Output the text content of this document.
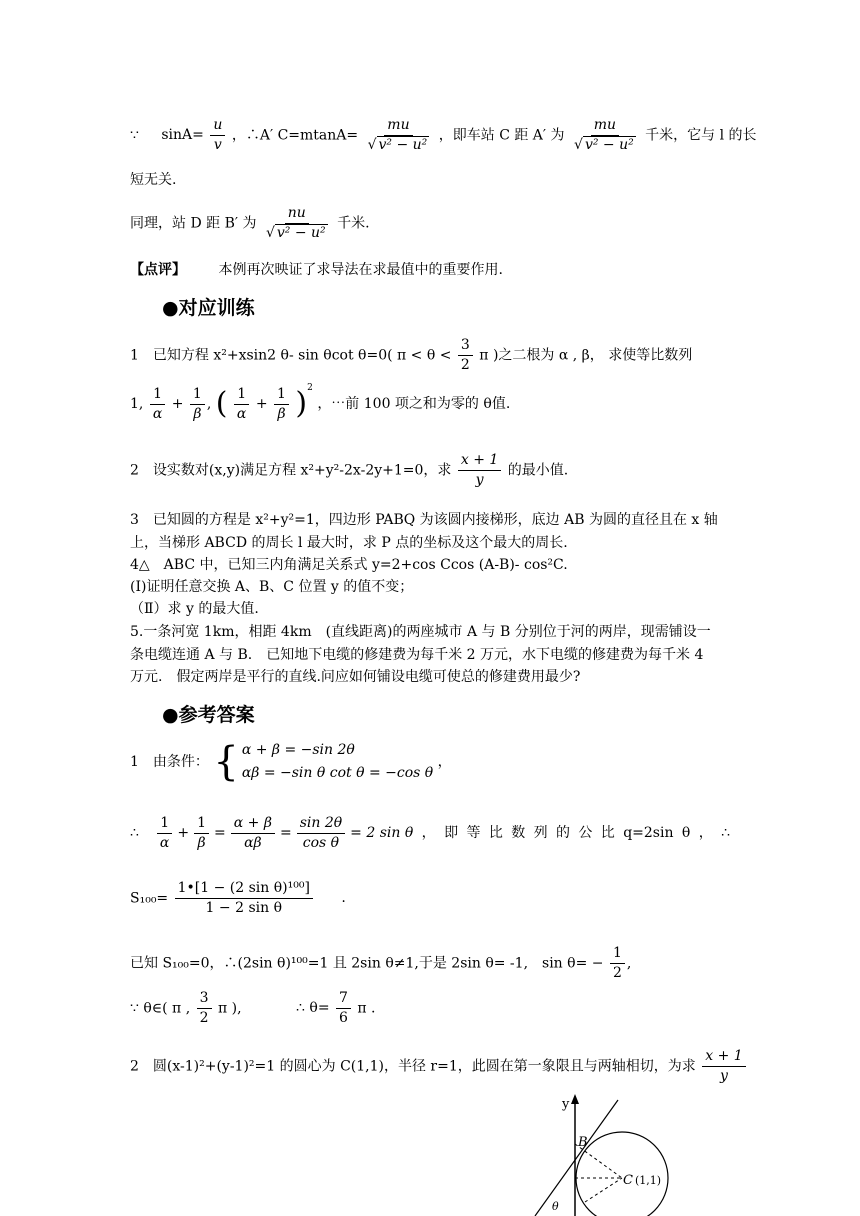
∵ $\sin A= \frac{u}{v}$ ，∴A′ $C=mtanA= \frac{mu}{\text{√ v² − u²}}$ ，即车站 C 距 A′ 为 $\frac{mu}{\text{√ v² − u²}}$ 千米，它与 l 的长
短无关.
同理，站 D 距 B′ 为 $\frac{nu}{\text{√ v² − u²}}$ 千米.
【点评】 本例再次映证了求导法在求最值中的重要作用.
●对应训练
1　已知方程 x²+xsin2 θ- sin θcot θ=0( $\pi < \theta < \frac{3}{2}$ π )之二根为 α , β， 求使等比数列
1, $\frac{1}{\alpha} + \frac{1}{\beta}$ , ( $\frac{1}{\alpha} + \frac{1}{\beta} )^2$ ，⋯前 100 项之和为零的 θ值.
2　设实数对(x,y)满足方程 x²+y²-2x-2y+1=0，求 $\frac{x + 1}{y}$ 的最小值.
3　已知圆的方程是 x²+y²=1，四边形 PABQ 为该圆内接梯形，底边 AB 为圆的直径且在 x 轴
上，当梯形 ABCD 的周长 l 最大时，求 P 点的坐标及这个最大的周长.
4△　ABC 中，已知三内角满足关系式 y=2+cos Ccos (A-B)- cos²C.
(Ⅰ)证明任意交换 A、B、C 位置 y 的值不变；
（Ⅱ）求 y 的最大值.
5.一条河宽 1km，相距 4km　(直线距离)的两座城市 A 与 B 分别位于河的两岸，现需铺设一
条电缆连通 A 与 B.　已知地下电缆的修建费为每千米 2 万元，水下电缆的修建费为每千米 4
万元.　假定两岸是平行的直线.问应如何铺设电缆可使总的修建费用最少?
●参考答案
1　由条件： { α + β = −sin 2θ
αβ = −sin θ cot θ = −cos θ
，
∴ $\frac{1}{\alpha} + \frac{1}{\beta} = \frac{\alpha + \beta}{\alpha\beta} = \frac{\sin 2\theta}{\text{cos θ}} = 2$ sin θ ， 即 等 比 数 列 的 公 比 q=2sin θ ， ∴
$S_{100}= \frac{\text{1•[1 − (2 sin θ)¹⁰⁰]}}{\text{1 − 2 sin θ}}$ .
已知 S₁₀₀=0，∴(2sin θ)¹⁰⁰=1 且 2sin θ≠1,于是 2sin θ= -1,　$\sin \theta= - \frac{1}{2}$ ,
∵ θ∈( π , $\frac{3}{2}$ π ),	∴ $\theta= \frac{7}{6}$ π .
2　圆(x-1)²+(y-1)²=1 的圆心为 C(1,1)，半径 r=1，此圆在第一象限且与两轴相切，为求 $\frac{x + 1}{y}$
y
B
C (1,1)
θ
